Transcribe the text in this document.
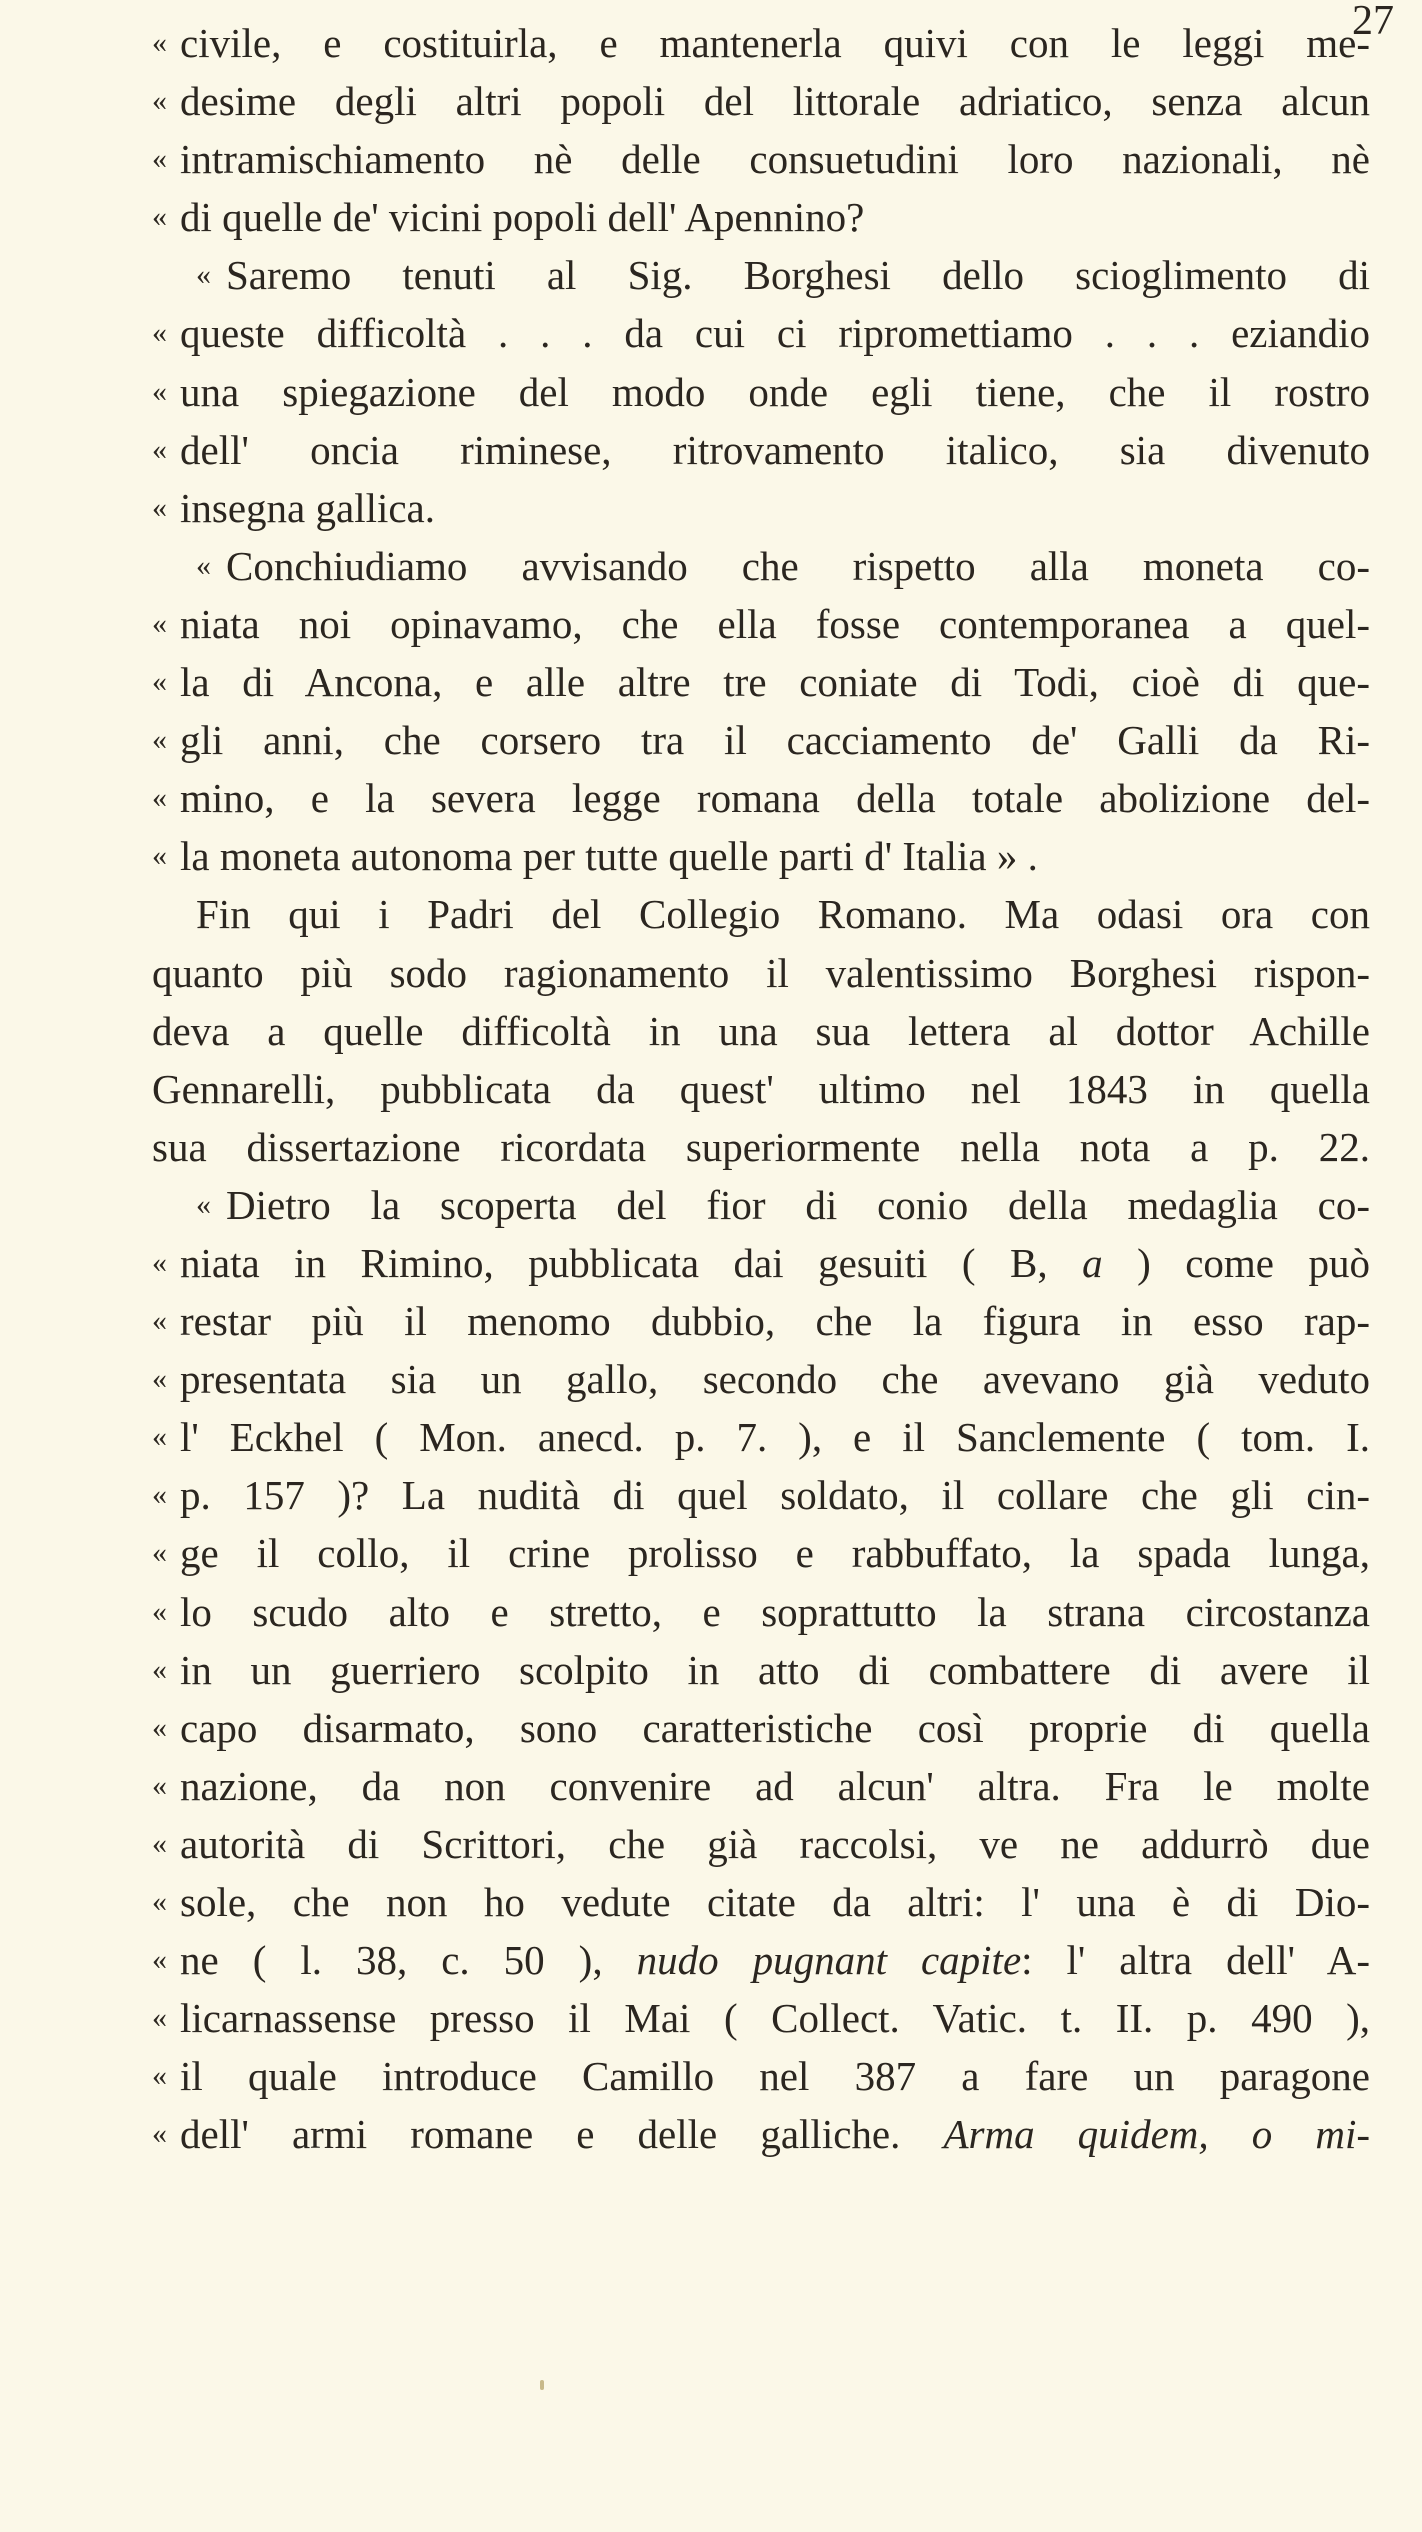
27
« civile, e costituirla, e mantenerla quivi con le leggi me-
« desime degli altri popoli del littorale adriatico, senza alcun
« intramischiamento nè delle consuetudini loro nazionali, nè
« di quelle de' vicini popoli dell' Apennino?
« Saremo tenuti al Sig. Borghesi dello scioglimento di
« queste difficoltà . . . da cui ci ripromettiamo . . . eziandio
« una spiegazione del modo onde egli tiene, che il rostro
« dell' oncia riminese, ritrovamento italico, sia divenuto
« insegna gallica.
« Conchiudiamo avvisando che rispetto alla moneta co-
« niata noi opinavamo, che ella fosse contemporanea a quel-
« la di Ancona, e alle altre tre coniate di Todi, cioè di que-
« gli anni, che corsero tra il cacciamento de' Galli da Ri-
« mino, e la severa legge romana della totale abolizione del-
« la moneta autonoma per tutte quelle parti d' Italia » .
Fin qui i Padri del Collegio Romano. Ma odasi ora con
quanto più sodo ragionamento il valentissimo Borghesi rispon-
deva a quelle difficoltà in una sua lettera al dottor Achille
Gennarelli, pubblicata da quest' ultimo nel 1843 in quella
sua dissertazione ricordata superiormente nella nota a p. 22.
« Dietro la scoperta del fior di conio della medaglia co-
« niata in Rimino, pubblicata dai gesuiti ( B, a ) come può
« restar più il menomo dubbio, che la figura in esso rap-
« presentata sia un gallo, secondo che avevano già veduto
« l' Eckhel ( Mon. anecd. p. 7. ), e il Sanclemente ( tom. I.
« p. 157 )? La nudità di quel soldato, il collare che gli cin-
« ge il collo, il crine prolisso e rabbuffato, la spada lunga,
« lo scudo alto e stretto, e soprattutto la strana circostanza
« in un guerriero scolpito in atto di combattere di avere il
« capo disarmato, sono caratteristiche così proprie di quella
« nazione, da non convenire ad alcun' altra. Fra le molte
« autorità di Scrittori, che già raccolsi, ve ne addurrò due
« sole, che non ho vedute citate da altri: l' una è di Dio-
« ne ( l. 38, c. 50 ), nudo pugnant capite: l' altra dell' A-
« licarnassense presso il Mai ( Collect. Vatic. t. II. p. 490 ),
« il quale introduce Camillo nel 387 a fare un paragone
« dell' armi romane e delle galliche. Arma quidem, o mi-
